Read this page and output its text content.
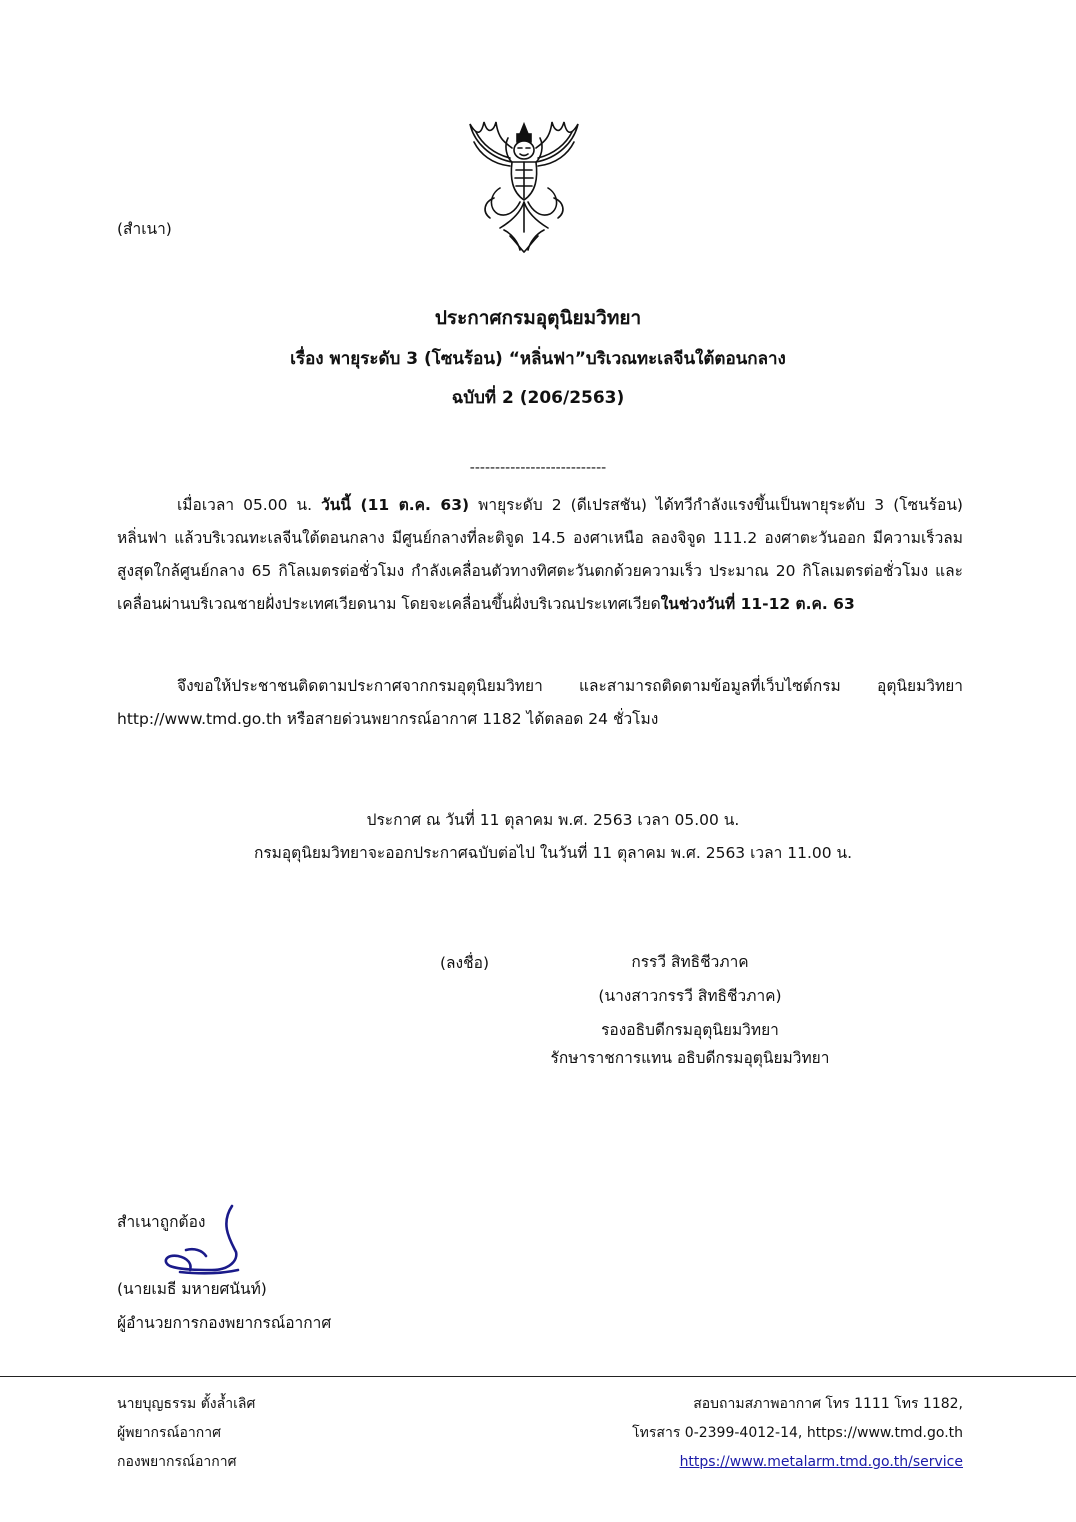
(สำเนา)
ประกาศกรมอุตุนิยมวิทยา
เรื่อง พายุระดับ 3 (โซนร้อน) “หลิ่นฟา”บริเวณทะเลจีนใต้ตอนกลาง
ฉบับที่ 2 (206/2563)
---------------------------
เมื่อเวลา 05.00 น. วันนี้ (11 ต.ค. 63) พายุระดับ 2 (ดีเปรสชัน) ได้ทวีกำลังแรงขึ้นเป็นพายุระดับ 3 (โซนร้อน) หลิ่นฟา แล้วบริเวณทะเลจีนใต้ตอนกลาง มีศูนย์กลางที่ละติจูด 14.5 องศาเหนือ ลองจิจูด 111.2 องศาตะวันออก มีความเร็วลมสูงสุดใกล้ศูนย์กลาง 65 กิโลเมตรต่อชั่วโมง กำลังเคลื่อนตัวทางทิศตะวันตกด้วยความเร็ว ประมาณ 20 กิโลเมตรต่อชั่วโมง และเคลื่อนผ่านบริเวณชายฝั่งประเทศเวียดนาม โดยจะเคลื่อนขึ้นฝั่งบริเวณประเทศเวียดในช่วงวันที่ 11-12 ต.ค. 63
จึงขอให้ประชาชนติดตามประกาศจากกรมอุตุนิยมวิทยา และสามารถติดตามข้อมูลที่เว็บไซต์กรม อุตุนิยมวิทยา http://www.tmd.go.th หรือสายด่วนพยากรณ์อากาศ 1182 ได้ตลอด 24 ชั่วโมง
ประกาศ ณ วันที่ 11 ตุลาคม พ.ศ. 2563 เวลา 05.00 น.
กรมอุตุนิยมวิทยาจะออกประกาศฉบับต่อไป ในวันที่ 11 ตุลาคม พ.ศ. 2563 เวลา 11.00 น.
(ลงชื่อ)	กรรวี สิทธิชีวภาค
(นางสาวกรรวี สิทธิชีวภาค)
รองอธิบดีกรมอุตุนิยมวิทยา
รักษาราชการแทน อธิบดีกรมอุตุนิยมวิทยา
สำเนาถูกต้อง
(นายเมธี มหายศนันท์)
ผู้อำนวยการกองพยากรณ์อากาศ
นายบุญธรรม ตั้งล้ำเลิศ
ผู้พยากรณ์อากาศ
กองพยากรณ์อากาศ
สอบถามสภาพอากาศ โทร 1111 โทร 1182,
โทรสาร 0-2399-4012-14, https://www.tmd.go.th
https://www.metalarm.tmd.go.th/service
